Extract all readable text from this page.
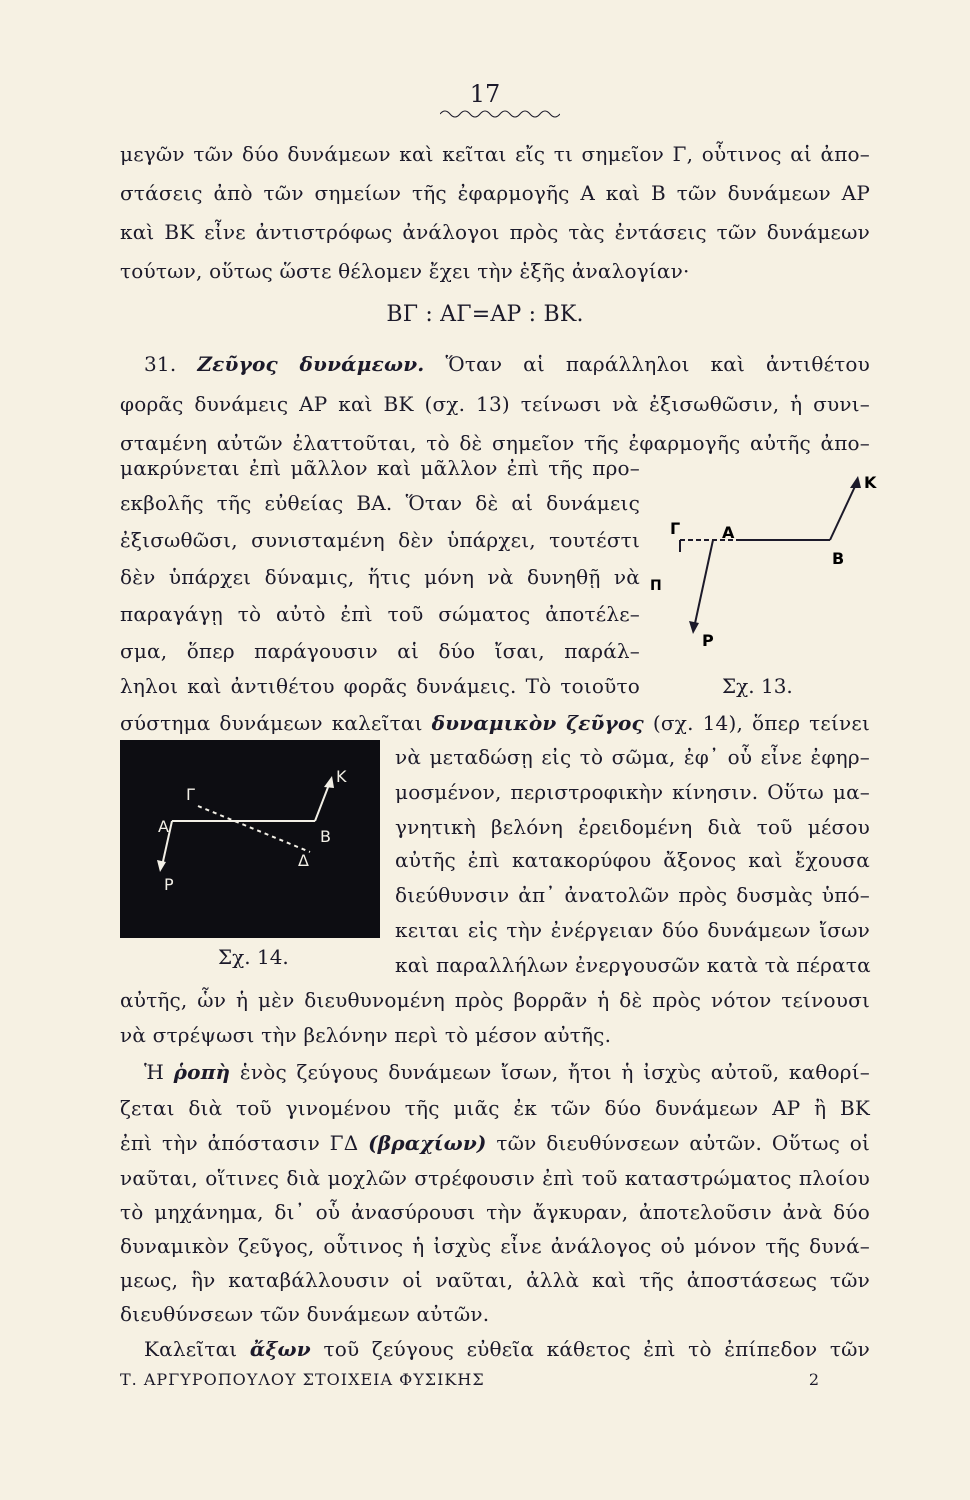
17
μεγῶν τῶν δύο δυνάμεων καὶ κεῖται εἴς τι σημεῖον Γ, οὗτινος αἱ ἀπο–
στάσεις ἀπὸ τῶν σημείων τῆς ἐφαρμογῆς Α καὶ Β τῶν δυνάμεων ΑΡ
καὶ ΒΚ εἶνε ἀντιστρόφως ἀνάλογοι πρὸς τὰς ἐντάσεις τῶν δυνάμεων
τούτων, οὕτως ὥστε θέλομεν ἔχει τὴν ἑξῆς ἀναλογίαν·
ΒΓ : ΑΓ=ΑΡ : ΒΚ.
31. Ζεῦγος δυνάμεων. Ὅταν αἱ παράλληλοι καὶ ἀντιθέτου
φορᾶς δυνάμεις ΑΡ καὶ ΒΚ (σχ. 13) τείνωσι νὰ ἐξισωθῶσιν, ἡ συνι–
σταμένη αὐτῶν ἐλαττοῦται, τὸ δὲ σημεῖον τῆς ἐφαρμογῆς αὐτῆς ἀπο–
μακρύνεται ἐπὶ μᾶλλον καὶ μᾶλλον ἐπὶ τῆς προ–
εκβολῆς τῆς εὐθείας ΒΑ. Ὅταν δὲ αἱ δυνάμεις
ἐξισωθῶσι, συνισταμένη δὲν ὑπάρχει, τουτέστι
δὲν ὑπάρχει δύναμις, ἥτις μόνη νὰ δυνηθῇ νὰ
παραγάγῃ τὸ αὐτὸ ἐπὶ τοῦ σώματος ἀποτέλε–
σμα, ὅπερ παράγουσιν αἱ δύο ἴσαι, παράλ–
ληλοι καὶ ἀντιθέτου φορᾶς δυνάμεις. Τὸ τοιοῦτο
K
Γ	Α
Β
Π
Ρ
Σχ. 13.
σύστημα δυνάμεων καλεῖται δυναμικὸν ζεῦγος (σχ. 14), ὅπερ τείνει
Γ
Α
Κ
Β
Δ
Ρ
Σχ. 14.
νὰ μεταδώσῃ εἰς τὸ σῶμα, ἐφ᾽ οὗ εἶνε ἐφηρ–
μοσμένον, περιστροφικὴν κίνησιν. Οὕτω μα–
γνητικὴ βελόνη ἐρειδομένη διὰ τοῦ μέσου
αὐτῆς ἐπὶ κατακορύφου ἄξονος καὶ ἔχουσα
διεύθυνσιν ἀπ᾽ ἀνατολῶν πρὸς δυσμὰς ὑπό–
κειται εἰς τὴν ἐνέργειαν δύο δυνάμεων ἴσων
καὶ παραλλήλων ἐνεργουσῶν κατὰ τὰ πέρατα
αὐτῆς, ὧν ἡ μὲν διευθυνομένη πρὸς βορρᾶν ἡ δὲ πρὸς νότον τείνουσι
νὰ στρέψωσι τὴν βελόνην περὶ τὸ μέσον αὐτῆς.
Ἡ ῥοπὴ ἑνὸς ζεύγους δυνάμεων ἴσων, ἤτοι ἡ ἰσχὺς αὐτοῦ, καθορί–
ζεται διὰ τοῦ γινομένου τῆς μιᾶς ἐκ τῶν δύο δυνάμεων ΑΡ ἢ ΒΚ
ἐπὶ τὴν ἀπόστασιν ΓΔ (βραχίων) τῶν διευθύνσεων αὐτῶν. Οὕτως οἱ
ναῦται, οἵτινες διὰ μοχλῶν στρέφουσιν ἐπὶ τοῦ καταστρώματος πλοίου
τὸ μηχάνημα, δι᾽ οὗ ἀνασύρουσι τὴν ἄγκυραν, ἀποτελοῦσιν ἀνὰ δύο
δυναμικὸν ζεῦγος, οὗτινος ἡ ἰσχὺς εἶνε ἀνάλογος οὐ μόνον τῆς δυνά–
μεως, ἣν καταβάλλουσιν οἱ ναῦται, ἀλλὰ καὶ τῆς ἀποστάσεως τῶν
διευθύνσεων τῶν δυνάμεων αὐτῶν.
Καλεῖται ἄξων τοῦ ζεύγους εὐθεῖα κάθετος ἐπὶ τὸ ἐπίπεδον τῶν
Τ. ΑΡΓΥΡΟΠΟΥΛΟΥ ΣΤΟΙΧΕΙΑ ΦΥΣΙΚΗΣ	2
